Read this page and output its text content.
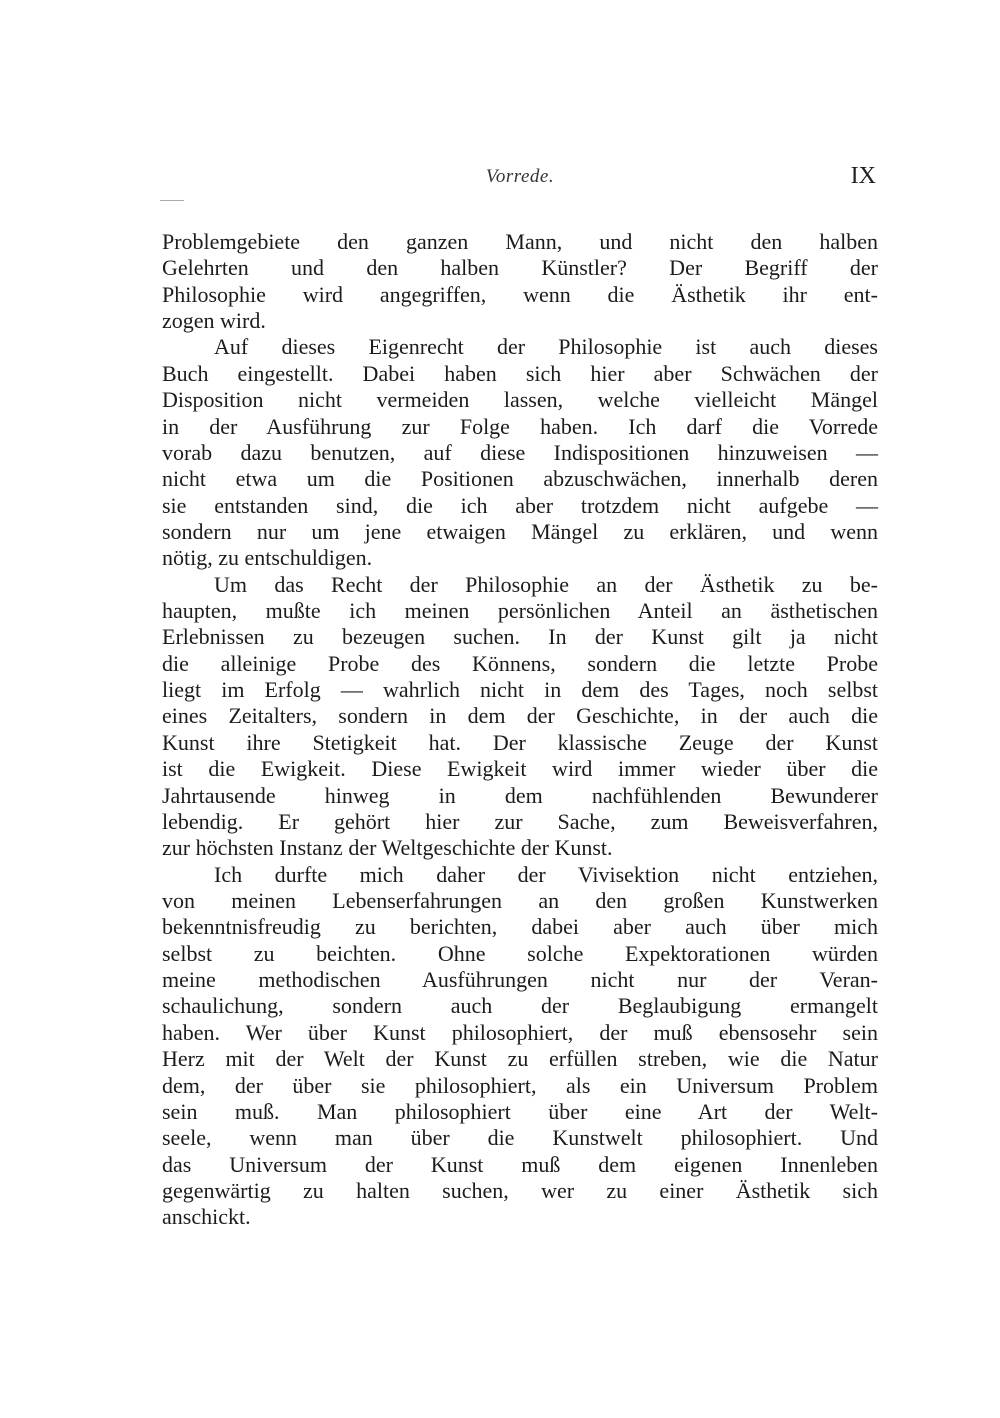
Vorrede.	IX
Problemgebiete den ganzen Mann, und nicht den halben
Gelehrten und den halben Künstler? Der Begriff der
Philosophie wird angegriffen, wenn die Ästhetik ihr ent-
zogen wird.
Auf dieses Eigenrecht der Philosophie ist auch dieses
Buch eingestellt. Dabei haben sich hier aber Schwächen der
Disposition nicht vermeiden lassen, welche vielleicht Mängel
in der Ausführung zur Folge haben. Ich darf die Vorrede
vorab dazu benutzen, auf diese Indispositionen hinzuweisen —
nicht etwa um die Positionen abzuschwächen, innerhalb deren
sie entstanden sind, die ich aber trotzdem nicht aufgebe —
sondern nur um jene etwaigen Mängel zu erklären, und wenn
nötig, zu entschuldigen.
Um das Recht der Philosophie an der Ästhetik zu be-
haupten, mußte ich meinen persönlichen Anteil an ästhetischen
Erlebnissen zu bezeugen suchen. In der Kunst gilt ja nicht
die alleinige Probe des Könnens, sondern die letzte Probe
liegt im Erfolg — wahrlich nicht in dem des Tages, noch selbst
eines Zeitalters, sondern in dem der Geschichte, in der auch die
Kunst ihre Stetigkeit hat. Der klassische Zeuge der Kunst
ist die Ewigkeit. Diese Ewigkeit wird immer wieder über die
Jahrtausende hinweg in dem nachfühlenden Bewunderer
lebendig. Er gehört hier zur Sache, zum Beweisverfahren,
zur höchsten Instanz der Weltgeschichte der Kunst.
Ich durfte mich daher der Vivisektion nicht entziehen,
von meinen Lebenserfahrungen an den großen Kunstwerken
bekenntnisfreudig zu berichten, dabei aber auch über mich
selbst zu beichten. Ohne solche Expektorationen würden
meine methodischen Ausführungen nicht nur der Veran-
schaulichung, sondern auch der Beglaubigung ermangelt
haben. Wer über Kunst philosophiert, der muß ebensosehr sein
Herz mit der Welt der Kunst zu erfüllen streben, wie die Natur
dem, der über sie philosophiert, als ein Universum Problem
sein muß. Man philosophiert über eine Art der Welt-
seele, wenn man über die Kunstwelt philosophiert. Und
das Universum der Kunst muß dem eigenen Innenleben
gegenwärtig zu halten suchen, wer zu einer Ästhetik sich
anschickt.
